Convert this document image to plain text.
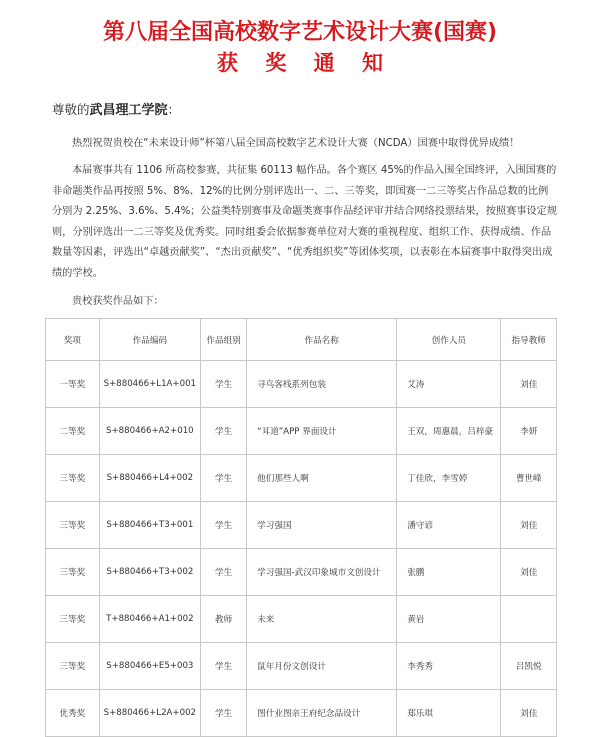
第八届全国高校数字艺术设计大赛(国赛)
获 奖 通 知
尊敬的武昌理工学院：
热烈祝贺贵校在“未来设计师”杯第八届全国高校数字艺术设计大赛（NCDA）国赛中取得优异成绩！
本届赛事共有 1106 所高校参赛，共征集 60113 幅作品。各个赛区 45%的作品入围全国终评，入围国赛的非命题类作品再按照 5%、8%、12%的比例分别评选出一、二、三等奖，即国赛一二三等奖占作品总数的比例分别为 2.25%、3.6%、5.4%；公益类特别赛事及命题类赛事作品经评审并结合网络投票结果，按照赛事设定规则，分别评选出一二三等奖及优秀奖。同时组委会依据参赛单位对大赛的重视程度、组织工作、获得成绩、作品数量等因素，评选出“卓越贡献奖”、“杰出贡献奖”、“优秀组织奖”等团体奖项，以表彰在本届赛事中取得突出成绩的学校。
贵校获奖作品如下：
奖项	作品编码	作品组别	作品名称	创作人员	指导教师
一等奖	S+880466+L1A+001	学生	寻鸟客栈系列包装	艾涛	刘佳
二等奖	S+880466+A2+010	学生	“耳道”APP 界面设计	王双，周惠晨，吕梓豪	李妍
三等奖	S+880466+L4+002	学生	他们那些人啊	丁佳欣，李雪婷	曹世峰
三等奖	S+880466+T3+001	学生	学习强国	潘守谚	刘佳
三等奖	S+880466+T3+002	学生	学习强国-武汉印象城市文创设计	张鹏	刘佳
三等奖	T+880466+A1+002	教师	未来	黄岩	
三等奖	S+880466+E5+003	学生	鼠年月份文创设计	李秀秀	吕凯悦
优秀奖	S+880466+L2A+002	学生	图什业图亲王府纪念品设计	郑乐琪	刘佳
